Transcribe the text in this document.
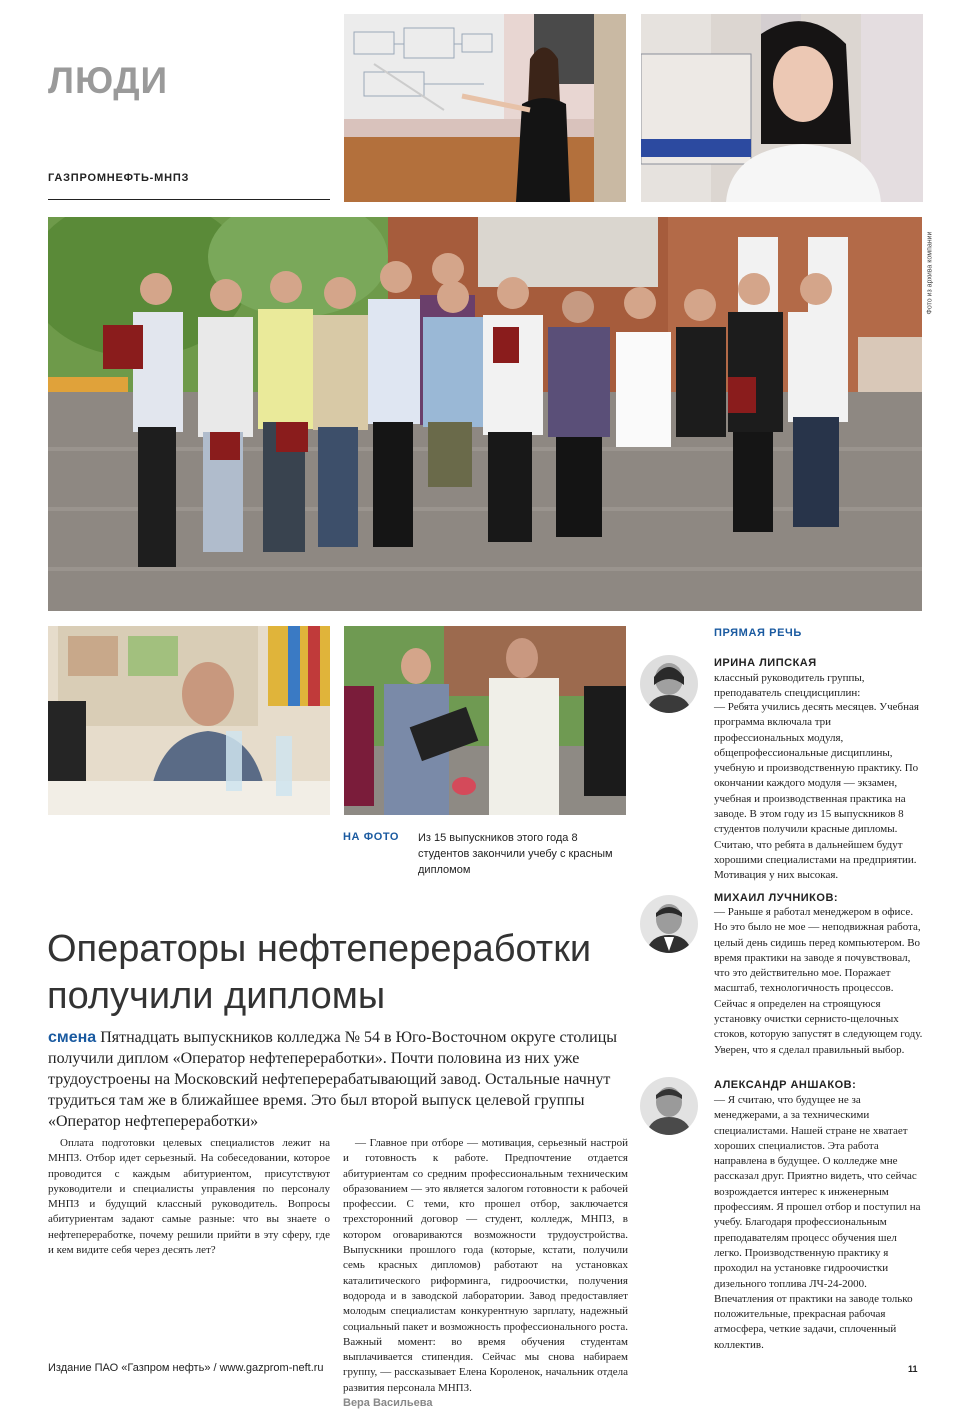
ЛЮДИ
ГАЗПРОМНЕФТЬ-МНПЗ
Фото из архива компании
НА ФОТО Из 15 выпускников этого года 8 студентов закончили учебу с красным дипломом
Операторы нефтепереработки получили дипломы
смена Пятнадцать выпускников колледжа № 54 в Юго-Восточном округе столицы получили диплом «Оператор нефтепереработки». Почти половина из них уже трудоустроены на Московский нефтеперерабатывающий завод. Остальные начнут трудиться там же в ближайшее время. Это был второй выпуск целевой группы «Оператор нефтепереработки»

Оплата подготовки целевых специалистов лежит на МНПЗ. Отбор идет серьезный. На собеседовании, которое проводится с каждым абитуриентом, присутствуют руководители и специалисты управления по персоналу МНПЗ и будущий классный руководитель. Вопросы абитуриентам задают самые разные: что вы знаете о нефтепереработке, почему решили прийти в эту сферу, где и кем видите себя через десять лет?

— Главное при отборе — мотивация, серьезный настрой и готовность к работе. Предпочтение отдается абитуриентам со средним профессиональным техническим образованием — это является залогом готовности к рабочей профессии. С теми, кто прошел отбор, заключается трехсторонний договор — студент, колледж, МНПЗ, в котором оговариваются возможности трудоустройства. Выпускники прошлого года (которые, кстати, получили семь красных дипломов) работают на установках каталитического риформинга, гидроочистки, получения водорода и в заводской лаборатории. Завод предоставляет молодым специалистам конкурентную зарплату, надежный социальный пакет и возможность профессионального роста. Важный момент: во время обучения студентам выплачивается стипендия. Сейчас мы снова набираем группу, — рассказывает Елена Короленок, начальник отдела развития персонала МНПЗ.

Вера Васильева

ПРЯМАЯ РЕЧЬ
ИРИНА ЛИПСКАЯ
классный руководитель группы, преподаватель спецдисциплин:
— Ребята учились десять месяцев. Учебная программа включала три профессиональных модуля, общепрофессиональные дисциплины, учебную и производственную практику. По окончании каждого модуля — экзамен, учебная и производственная практика на заводе. В этом году из 15 выпускников 8 студентов получили красные дипломы. Считаю, что ребята в дальнейшем будут хорошими специалистами на предприятии. Мотивация у них высокая.
МИХАИЛ ЛУЧНИКОВ:
— Раньше я работал менеджером в офисе. Но это было не мое — неподвижная работа, целый день сидишь перед компьютером. Во время практики на заводе я почувствовал, что это действительно мое. Поражает масштаб, технологичность процессов. Сейчас я определен на строящуюся установку очистки сернисто-щелочных стоков, которую запустят в следующем году. Уверен, что я сделал правильный выбор.
АЛЕКСАНДР АНШАКОВ:
— Я считаю, что будущее не за менеджерами, а за техническими специалистами. Нашей стране не хватает хороших специалистов. Эта работа направлена в будущее. О колледже мне рассказал друг. Приятно видеть, что сейчас возрождается интерес к инженерным профессиям. Я прошел отбор и поступил на учебу. Благодаря профессиональным преподавателям процесс обучения шел легко. Производственную практику я проходил на установке гидроочистки дизельного топлива ЛЧ-24-2000. Впечатления от практики на заводе только положительные, прекрасная рабочая атмосфера, четкие задачи, сплоченный коллектив.
Издание ПАО «Газпром нефть» / www.gazprom-neft.ru	11
